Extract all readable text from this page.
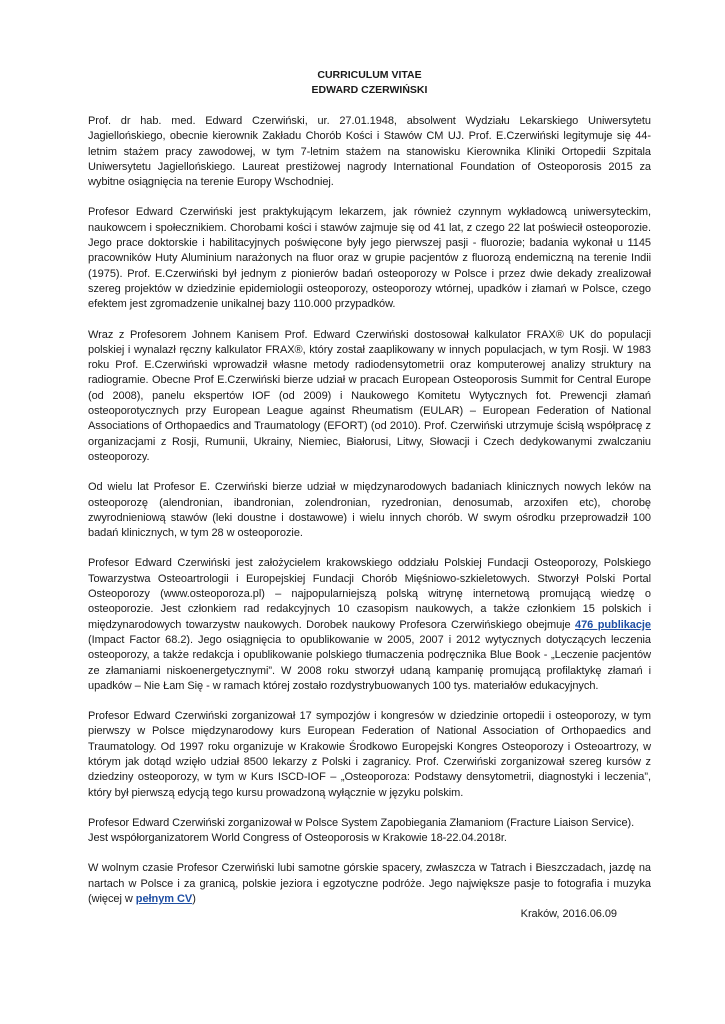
CURRICULUM VITAE

EDWARD CZERWIŃSKI

Prof. dr hab. med. Edward Czerwiński, ur. 27.01.1948, absolwent Wydziału Lekarskiego Uniwersytetu Jagiellońskiego, obecnie kierownik Zakładu Chorób Kości i Stawów CM UJ. Prof. E.Czerwiński legitymuje się 44-letnim stażem pracy zawodowej, w tym 7-letnim stażem na stanowisku Kierownika Kliniki Ortopedii Szpitala Uniwersytetu Jagiellońskiego. Laureat prestiżowej nagrody International Foundation of Osteoporosis 2015 za wybitne osiągnięcia na terenie Europy Wschodniej.

Profesor Edward Czerwiński jest praktykującym lekarzem, jak również czynnym wykładowcą uniwersyteckim, naukowcem i społecznikiem. Chorobami kości i stawów zajmuje się od 41 lat, z czego 22 lat poświecił osteoporozie. Jego prace doktorskie i habilitacyjnych poświęcone były jego pierwszej pasji - fluorozie; badania wykonał u 1145 pracowników Huty Aluminium narażonych na fluor oraz w grupie pacjentów z fluorozą endemiczną na terenie Indii (1975). Prof. E.Czerwiński był jednym z pionierów badań osteoporozy w Polsce i przez dwie dekady zrealizował szereg projektów w dziedzinie epidemiologii osteoporozy, osteoporozy wtórnej, upadków i złamań w Polsce, czego efektem jest zgromadzenie unikalnej bazy 110.000 przypadków.

Wraz z Profesorem Johnem Kanisem Prof. Edward Czerwiński dostosował kalkulator FRAX® UK do populacji polskiej i wynalazł ręczny kalkulator FRAX®, który został zaaplikowany w innych populacjach, w tym Rosji. W 1983 roku Prof. E.Czerwiński wprowadził własne metody radiodensytometrii oraz komputerowej analizy struktury na radiogramie. Obecne Prof E.Czerwiński bierze udział w pracach European Osteoporosis Summit for Central Europe (od 2008), panelu ekspertów IOF (od 2009) i Naukowego Komitetu Wytycznych fot. Prewencji złamań osteoporotycznych przy European League against Rheumatism (EULAR) – European Federation of National Associations of Orthopaedics and Traumatology (EFORT) (od 2010). Prof. Czerwiński utrzymuje ścisłą współpracę z organizacjami z Rosji, Rumunii, Ukrainy, Niemiec, Białorusi, Litwy, Słowacji i Czech dedykowanymi zwalczaniu osteoporozy.

Od wielu lat Profesor E. Czerwiński bierze udział w międzynarodowych badaniach klinicznych nowych leków na osteoporozę (alendronian, ibandronian, zolendronian, ryzedronian, denosumab, arzoxifen etc), chorobę zwyrodnieniową stawów (leki doustne i dostawowe) i wielu innych chorób. W swym ośrodku przeprowadził 100 badań klinicznych, w tym 28 w osteoporozie.

Profesor Edward Czerwiński jest założycielem krakowskiego oddziału Polskiej Fundacji Osteoporozy, Polskiego Towarzystwa Osteoartrologii i Europejskiej Fundacji Chorób Mięśniowo-szkieletowych. Stworzył Polski Portal Osteoporozy (www.osteoporoza.pl) – najpopularniejszą polską witrynę internetową promującą wiedzę o osteoporozie. Jest członkiem rad redakcyjnych 10 czasopism naukowych, a także członkiem 15 polskich i międzynarodowych towarzystw naukowych. Dorobek naukowy Profesora Czerwińskiego obejmuje 476 publikacje (Impact Factor 68.2). Jego osiągnięcia to opublikowanie w 2005, 2007 i 2012 wytycznych dotyczących leczenia osteoporozy, a także redakcja i opublikowanie polskiego tłumaczenia podręcznika Blue Book - „Leczenie pacjentów ze złamaniami niskoenergetycznymi”. W 2008 roku stworzył udaną kampanię promującą profilaktykę złamań i upadków – Nie Łam Się - w ramach której zostało rozdystrybuowanych 100 tys. materiałów edukacyjnych.

Profesor Edward Czerwiński zorganizował 17 sympozjów i kongresów w dziedzinie ortopedii i osteoporozy, w tym pierwszy w Polsce międzynarodowy kurs European Federation of National Association of Orthopaedics and Traumatology. Od 1997 roku organizuje w Krakowie Środkowo Europejski Kongres Osteoporozy i Osteoartrozy, w którym jak dotąd wzięło udział 8500 lekarzy z Polski i zagranicy. Prof. Czerwiński zorganizował szereg kursów z dziedziny osteoporozy, w tym w Kurs ISCD-IOF – „Osteoporoza: Podstawy densytometrii, diagnostyki i leczenia”, który był pierwszą edycją tego kursu prowadzoną wyłącznie w języku polskim.

Profesor Edward Czerwiński zorganizował w Polsce System Zapobiegania Złamaniom (Fracture Liaison Service).
Jest współorganizatorem World Congress of Osteoporosis w Krakowie 18-22.04.2018r.

W wolnym czasie Profesor Czerwiński lubi samotne górskie spacery, zwłaszcza w Tatrach i Bieszczadach, jazdę na nartach w Polsce i za granicą, polskie jeziora i egzotyczne podróże. Jego największe pasje to fotografia i muzyka (więcej w pełnym CV)

Kraków, 2016.06.09
